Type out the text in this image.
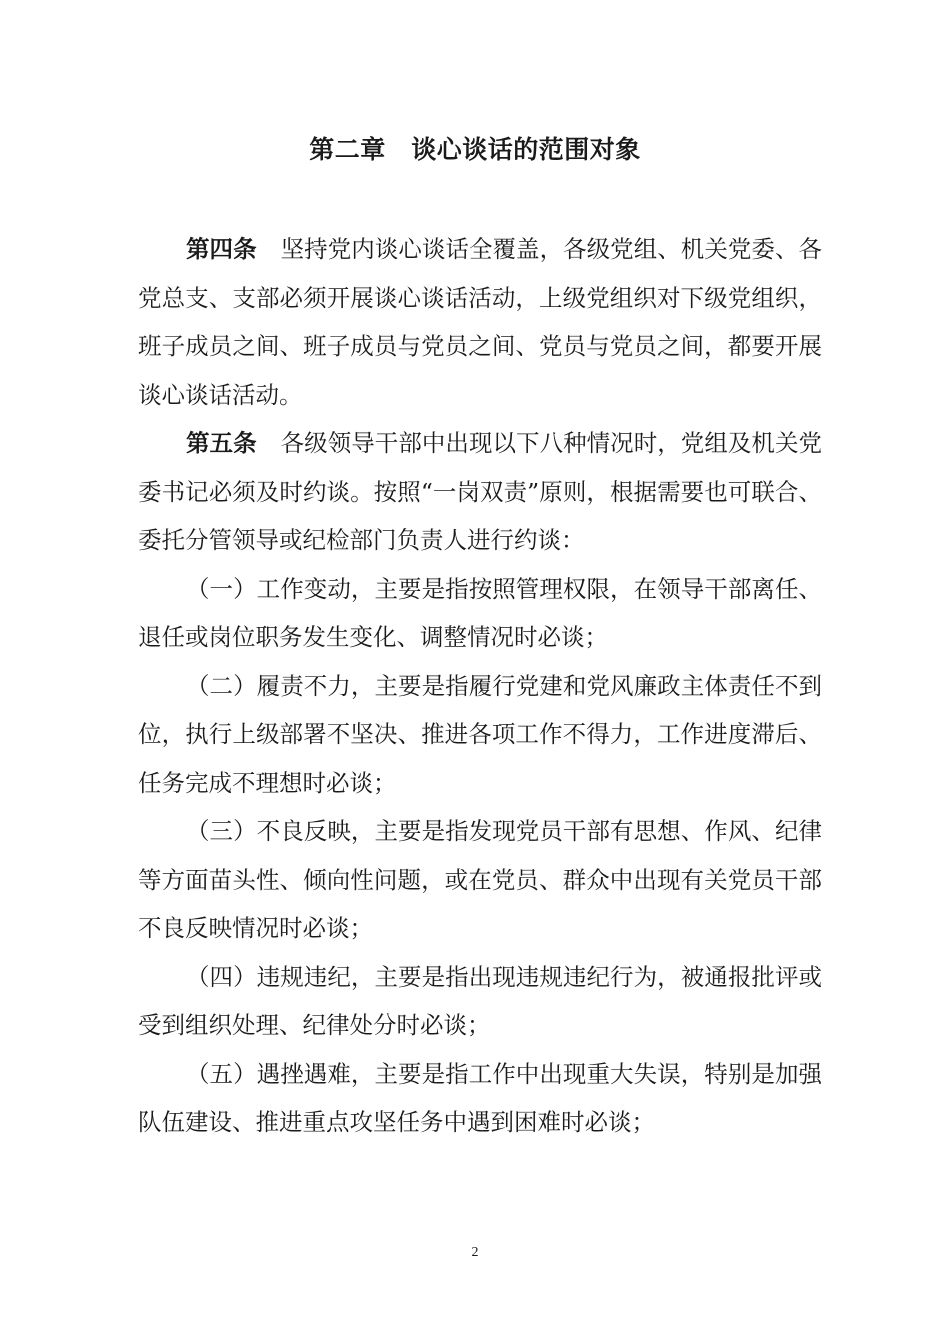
第二章　谈心谈话的范围对象

第四条 坚持党内谈心谈话全覆盖，各级党组、机关党委、各党总支、支部必须开展谈心谈话活动，上级党组织对下级党组织，班子成员之间、班子成员与党员之间、党员与党员之间，都要开展谈心谈话活动。

第五条 各级领导干部中出现以下八种情况时，党组及机关党委书记必须及时约谈。按照“一岗双责”原则，根据需要也可联合、委托分管领导或纪检部门负责人进行约谈：

（一）工作变动，主要是指按照管理权限，在领导干部离任、退任或岗位职务发生变化、调整情况时必谈；

（二）履责不力，主要是指履行党建和党风廉政主体责任不到位，执行上级部署不坚决、推进各项工作不得力，工作进度滞后、任务完成不理想时必谈；

（三）不良反映，主要是指发现党员干部有思想、作风、纪律等方面苗头性、倾向性问题，或在党员、群众中出现有关党员干部不良反映情况时必谈；

（四）违规违纪，主要是指出现违规违纪行为，被通报批评或受到组织处理、纪律处分时必谈；

（五）遇挫遇难，主要是指工作中出现重大失误，特别是加强队伍建设、推进重点攻坚任务中遇到困难时必谈；

2
